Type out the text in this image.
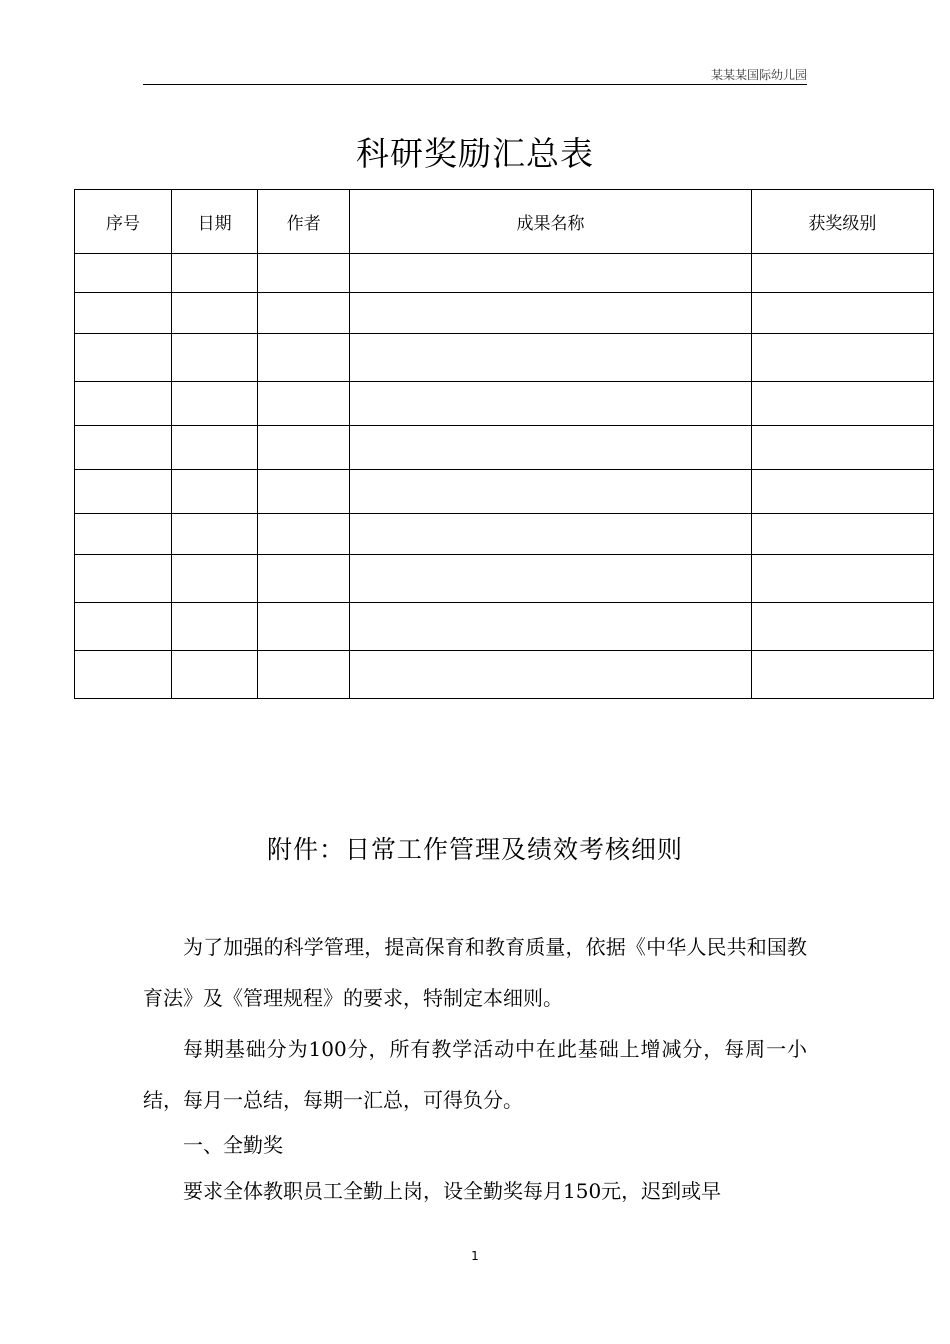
某某某国际幼儿园
科研奖励汇总表
序号	日期	作者	成果名称	获奖级别

附件：日常工作管理及绩效考核细则

为了加强的科学管理，提高保育和教育质量，依据《中华人民共和国教育法》及《管理规程》的要求，特制定本细则。

每期基础分为100分，所有教学活动中在此基础上增减分，每周一小结，每月一总结，每期一汇总，可得负分。

一、全勤奖

要求全体教职员工全勤上岗，设全勤奖每月150元，迟到或早

1
